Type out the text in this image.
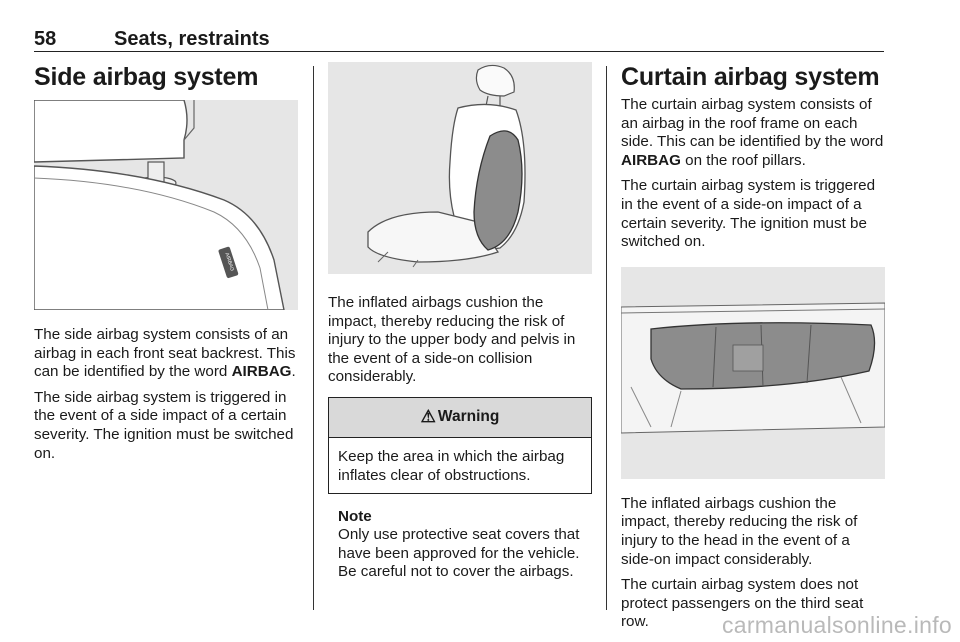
58	Seats, restraints
Side airbag system
AIRBAG

The side airbag system consists of an airbag in each front seat backrest. This can be identified by the word AIRBAG.

The side airbag system is triggered in the event of a side impact of a certain severity. The ignition must be switched on.

The inflated airbags cushion the impact, thereby reducing the risk of injury to the upper body and pelvis in the event of a side-on collision considerably.

⚠ Warning
Keep the area in which the airbag inflates clear of obstructions.
Note
Only use protective seat covers that have been approved for the vehicle. Be careful not to cover the airbags.
Curtain airbag system

The curtain airbag system consists of an airbag in the roof frame on each side. This can be identified by the word AIRBAG on the roof pillars.

The curtain airbag system is triggered in the event of a side-on impact of a certain severity. The ignition must be switched on.

The inflated airbags cushion the impact, thereby reducing the risk of injury to the head in the event of a side-on impact considerably.

The curtain airbag system does not protect passengers on the third seat row.	carmanualsonline.info
